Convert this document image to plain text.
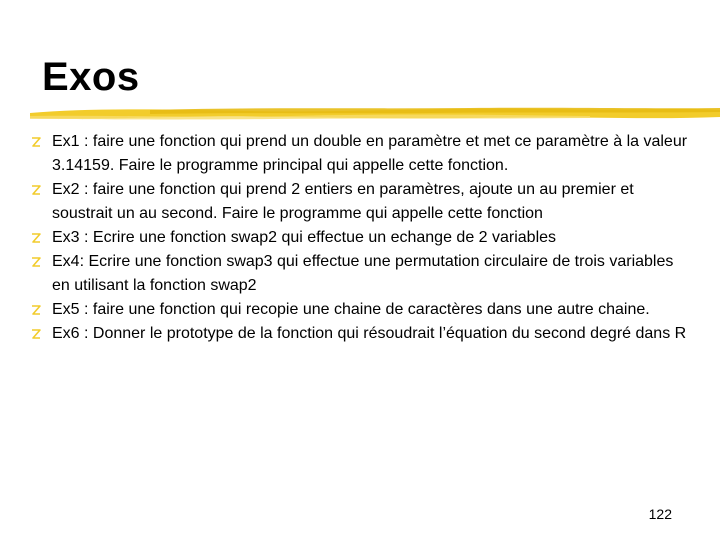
Exos
Ex1 : faire une fonction qui prend un double en paramètre et met ce paramètre à la valeur 3.14159. Faire le programme principal qui appelle cette fonction.
Ex2 : faire une fonction qui prend 2 entiers en paramètres, ajoute un au premier et soustrait un au second. Faire le programme qui appelle cette fonction
Ex3 : Ecrire une fonction swap2 qui effectue un echange de 2 variables
Ex4: Ecrire une fonction swap3 qui effectue une permutation circulaire de trois variables en utilisant la fonction swap2
Ex5 : faire une fonction qui recopie une chaine de caractères dans une autre chaine.
Ex6 : Donner le prototype de la fonction qui résoudrait l’équation du second degré dans R
122
